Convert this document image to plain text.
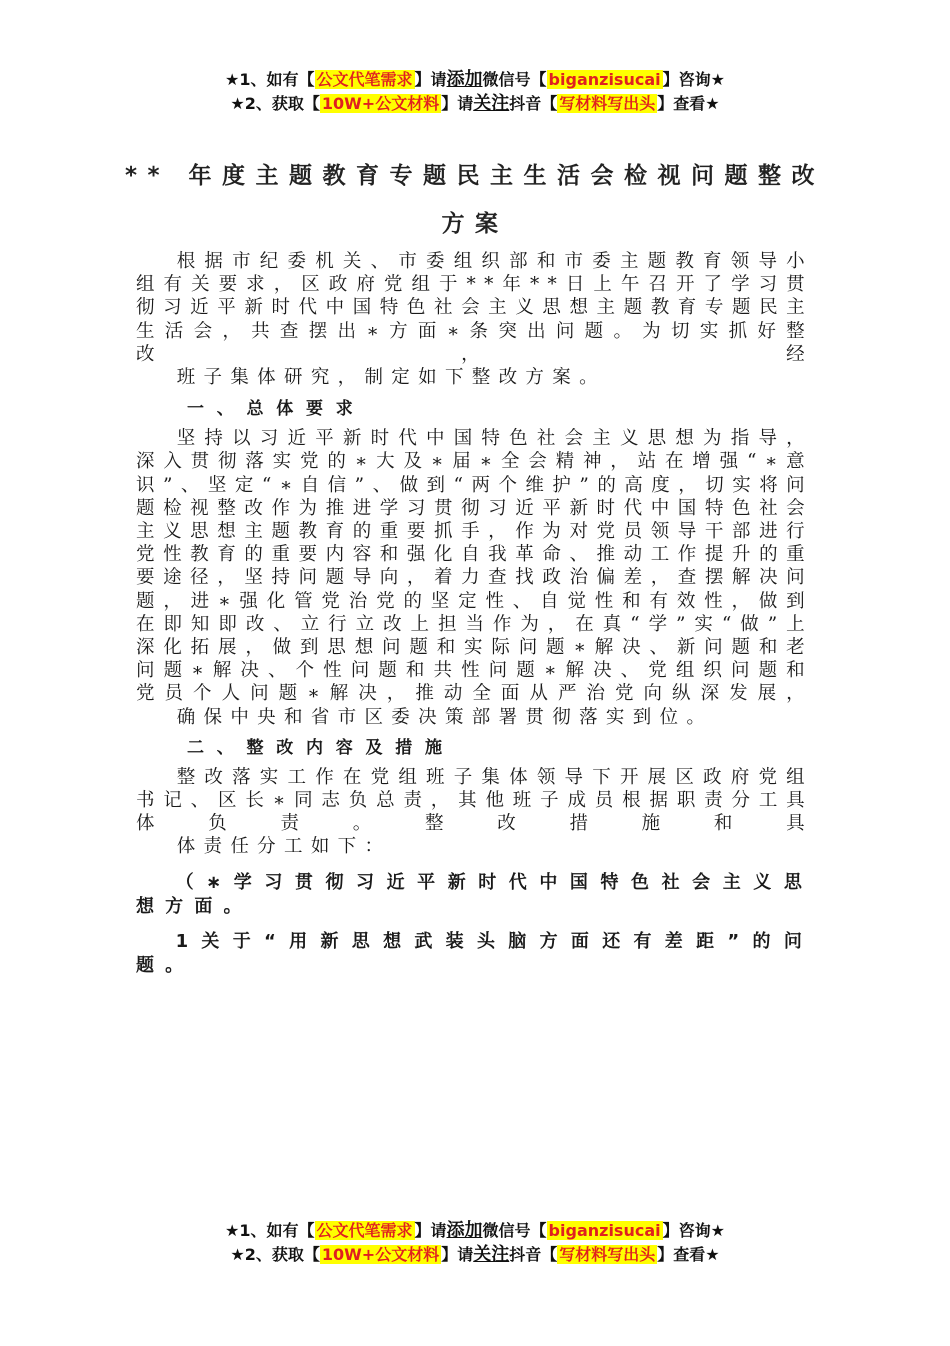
★1、如有【 公文代笔需求 】请添加微信号【 biganzisucai 】咨询★
★2、获取【 10W+公文材料 】请关注抖音【 写材料写出头 】查看★
** 年度主题教育专题民主生活会检视问题整改
方案

根据市纪委机关、市委组织部和市委主题教育领导小组有关要求，区政府党组于**年**日上午召开了学习贯彻习近平新时代中国特色社会主义思想主题教育专题民主生活会，共查摆出∗方面∗条突出问题。为切实抓好整改，经
班子集体研究，制定如下整改方案。

一、总体要求

坚持以习近平新时代中国特色社会主义思想为指导，深入贯彻落实党的∗大及∗届∗全会精神，站在增强“∗意识”、坚定“∗自信”、做到“两个维护”的高度，切实将问题检视整改作为推进学习贯彻习近平新时代中国特色社会主义思想主题教育的重要抓手，作为对党员领导干部进行党性教育的重要内容和强化自我革命、推动工作提升的重要途径，坚持问题导向，着力查找政治偏差，查摆解决问题，进∗强化管党治党的坚定性、自觉性和有效性，做到在即知即改、立行立改上担当作为，在真“学”实“做”上深化拓展，做到思想问题和实际问题∗解决、新问题和老问题∗解决、个性问题和共性问题∗解决、党组织问题和党员个人问题∗解决，推动全面从严治党向纵深发展，
确保中央和省市区委决策部署贯彻落实到位。

二、整改内容及措施

整改落实工作在党组班子集体领导下开展区政府党组书记、区长∗同志负总责，其他班子成员根据职责分工具体负责。整改措施和具
体责任分工如下：

（∗学习贯彻习近平新时代中国特色社会主义思想方面。

1关于“用新思想武装头脑方面还有差距”的问题。

★1、如有【 公文代笔需求 】请添加微信号【 biganzisucai 】咨询★
★2、获取【 10W+公文材料 】请关注抖音【 写材料写出头 】查看★
